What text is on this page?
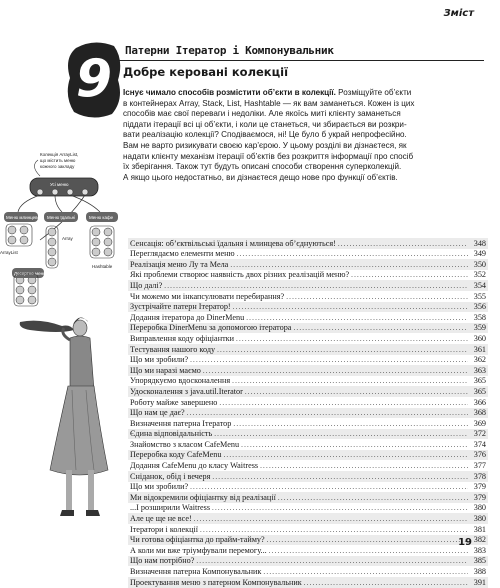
Зміст
9 Патерни Ітератор і Компонувальник
Добре керовані колекції
Існує чимало способів розмістити об’єкти в колекції. Розміщуйте об’єкти
в контейнерах Array, Stack, List, Hashtable — як вам заманеться. Кожен із цих
способів має свої переваги і недоліки. Але якоїсь миті клієнту заманеться
піддати ітерації всі ці об’єкти, і коли це станеться, чи збирається ви розкри-
вати реалізацію колекції? Сподіваємося, ні! Це було б украй непрофесійно.
Вам не варто ризикувати своєю кар’єрою. У цьому розділі ви дізнаєтеся, як
надати клієнту механізм ітерації об’єктів без розкриття інформації про спосіб
їх зберігання. Також тут будуть описані способи створення суперколекцій.
А якщо цього недостатньо, ви дізнаєтеся дещо нове про функції об’єктів.
Колекція ArrayList,
що містить меню
кожного закладу
Усі меню
Меню млинцевої Меню їдальні	Меню кафе
Array
ArrayList
Hashtable
Десертне меню
Сенсація: об’єктвільські їдальня і млинцева об’єднуються! .....	348
Переглядаємо елементи меню .....	349
Реалізація меню Лу та Мела .....	350
Які проблеми створює наявність двох різних реалізацій меню? .....	352
Що далі? .....	354
Чи можемо ми інкапсулювати перебирання? .....	355
Зустрічайте патерн Ітератор! .....	356
Додання ітератора до DinerMenu .....	358
Переробка DinerMenu за допомогою ітератора .....	359
Виправлення коду офіціантки .....	360
Тестування нашого коду .....	361
Що ми зробили? .....	362
Що ми наразі маємо .....	363
Упорядкуємо вдосконалення .....	365
Удосконалення з java.util.Iterator .....	365
Роботу майже завершено .....	366
Що нам це дає? .....	368
Визначення патерна Ітератор .....	369
Єдина відповідальність .....	372
Знайомство з класом CafeMenu .....	374
Переробка коду CafeMenu .....	376
Додання CafeMenu до класу Waitress .....	377
Сніданок, обід і вечеря .....	378
Що ми зробили? .....	379
Ми відокремили офіціантку від реалізації .....	379
...І розширили Waitress .....	380
Але це ще не все! .....	380
Ітератори і колекції .....	381
Чи готова офіціантка до прайм-тайму? .....	382
А коли ми вже тріумфували перемогу... .....	383
Що нам потрібно? .....	385
Визначення патерна Компонувальник .....	388
Проектування меню з патерном Компонувальник .....	391
19
